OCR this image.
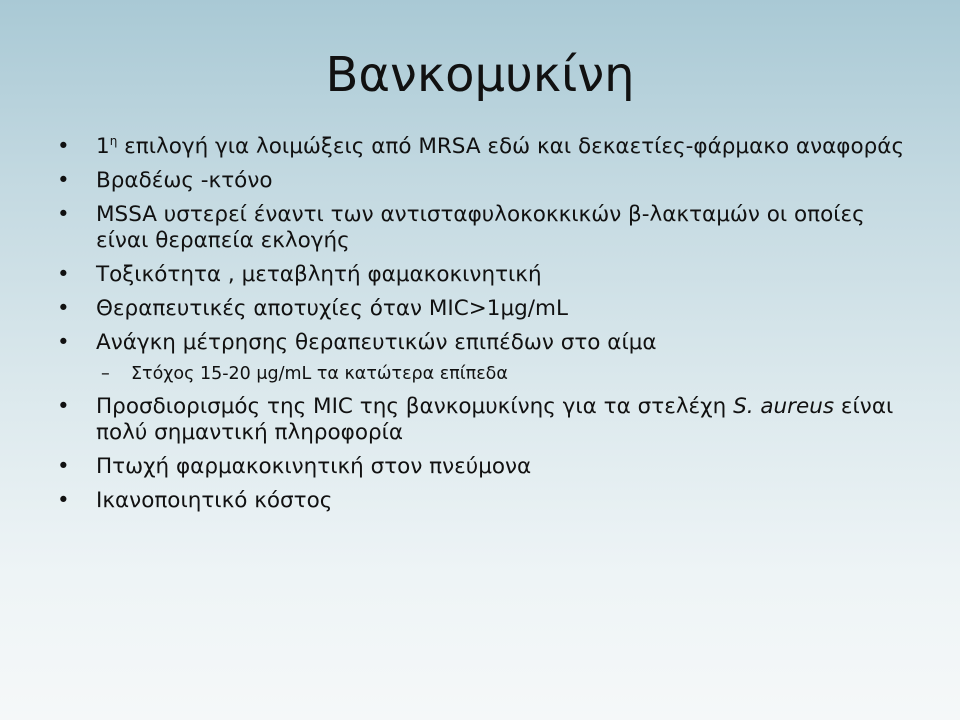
Βανκομυκίνη
• $1^\eta$ επιλογή για λοιμώξεις από MRSA εδώ και δεκαετίες-φάρμακο αναφοράς
• Βραδέως -κτόνο
• MSSA υστερεί έναντι των αντισταφυλοκοκκικών β-λακταμών οι οποίες είναι θεραπεία εκλογής
• Τοξικότητα , μεταβλητή φαμακοκινητική
• Θεραπευτικές αποτυχίες όταν MIC>1μg/mL
• Ανάγκη μέτρησης θεραπευτικών επιπέδων στο αίμα
– Στόχος 15-20 μg/mL τα κατώτερα επίπεδα
• Προσδιορισμός της MIC της βανκομυκίνης για τα στελέχη S. aureus είναι πολύ σημαντική πληροφορία
• Πτωχή φαρμακοκινητική στον πνεύμονα
• Ικανοποιητικό κόστος
